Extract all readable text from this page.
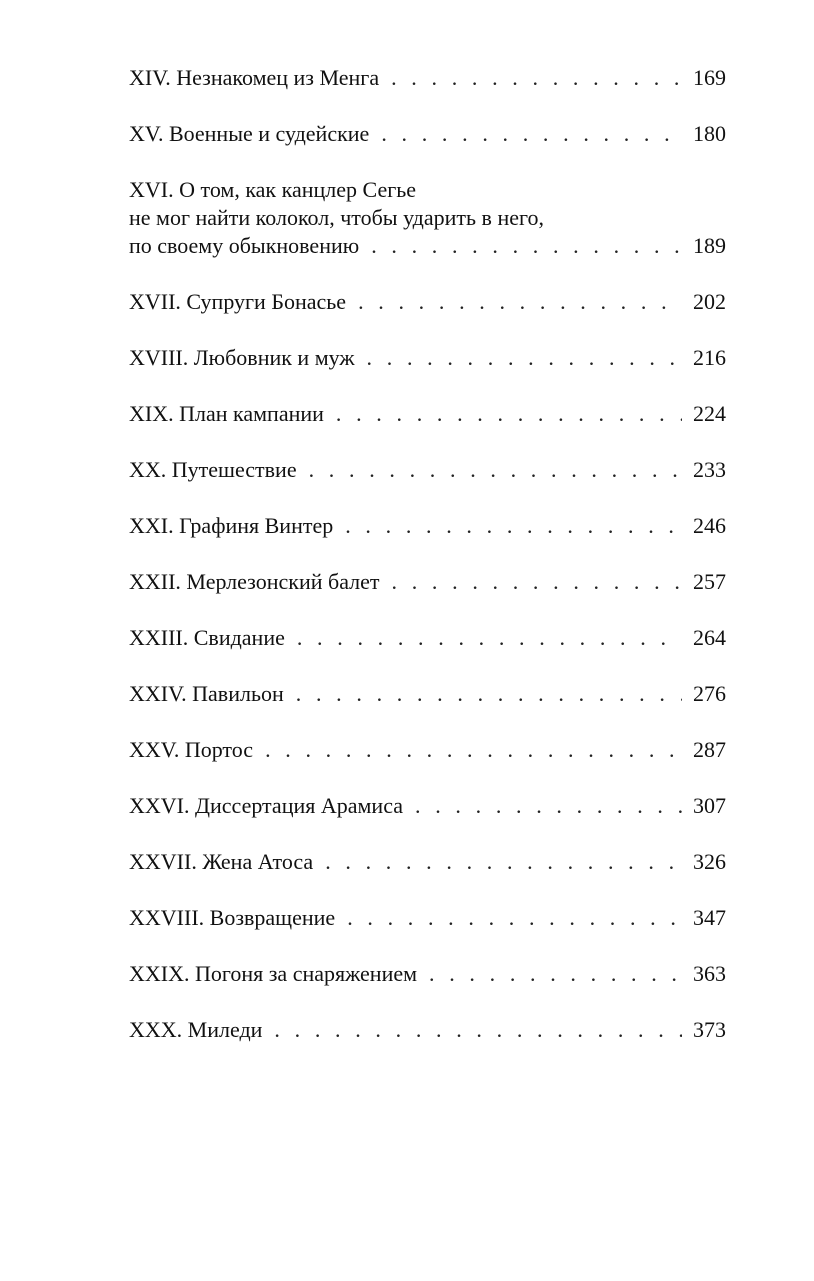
XIV. Незнакомец из Менга . . .	169
XV. Военные и судейские . . .	180
XVI. О том, как канцлер Сегье
не мог найти колокол, чтобы ударить в него,
по своему обыкновению . . .	189
XVII. Супруги Бонасье . . .	202
XVIII. Любовник и муж . . .	216
XIX. План кампании . . .	224
XX. Путешествие . . .	233
XXI. Графиня Винтер . . .	246
XXII. Мерлезонский балет . . .	257
XXIII. Свидание . . .	264
XXIV. Павильон . . .	276
XXV. Портос . . .	287
XXVI. Диссертация Арамиса . . .	307
XXVII. Жена Атоса . . .	326
XXVIII. Возвращение . . .	347
XXIX. Погоня за снаряжением . . .	363
XXX. Миледи . . .	373
